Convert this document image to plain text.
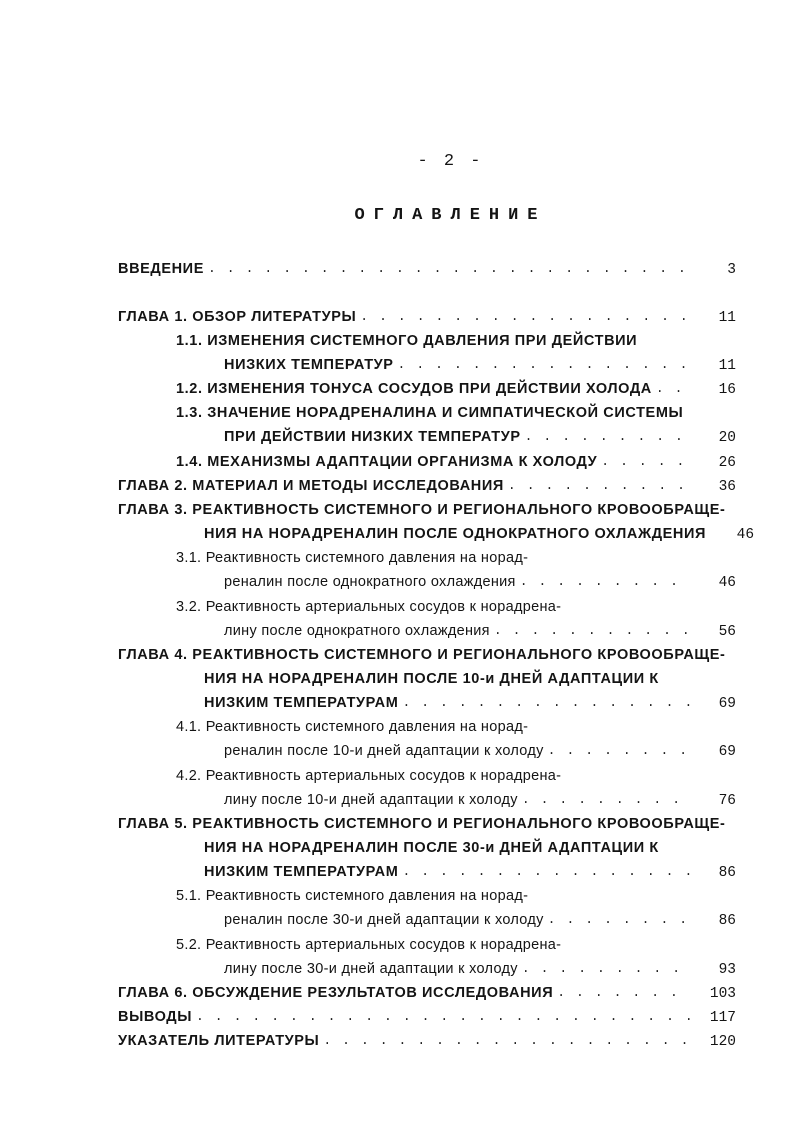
- 2 -
ОГЛАВЛЕНИЕ
ВВЕДЕНИЕ . . .	3
ГЛАВА 1. ОБЗОР ЛИТЕРАТУРЫ . . .	11
1.1. ИЗМЕНЕНИЯ СИСТЕМНОГО ДАВЛЕНИЯ ПРИ ДЕЙСТВИИ
НИЗКИХ ТЕМПЕРАТУР . . .	11
1.2. ИЗМЕНЕНИЯ ТОНУСА СОСУДОВ ПРИ ДЕЙСТВИИ ХОЛОДА . . .	16
1.3. ЗНАЧЕНИЕ НОРАДРЕНАЛИНА И СИМПАТИЧЕСКОЙ СИСТЕМЫ
ПРИ ДЕЙСТВИИ НИЗКИХ ТЕМПЕРАТУР . . .	20
1.4. МЕХАНИЗМЫ АДАПТАЦИИ ОРГАНИЗМА К ХОЛОДУ . . .	26
ГЛАВА 2. МАТЕРИАЛ И МЕТОДЫ ИССЛЕДОВАНИЯ . . .	36
ГЛАВА 3. РЕАКТИВНОСТЬ СИСТЕМНОГО И РЕГИОНАЛЬНОГО КРОВООБРАЩЕ-
НИЯ НА НОРАДРЕНАЛИН ПОСЛЕ ОДНОКРАТНОГО ОХЛАЖДЕНИЯ	46
3.1. Реактивность системного давления на норад-
реналин после однократного охлаждения . . .	46
3.2. Реактивность артериальных сосудов к норадрена-
лину после однократного охлаждения . . .	56
ГЛАВА 4. РЕАКТИВНОСТЬ СИСТЕМНОГО И РЕГИОНАЛЬНОГО КРОВООБРАЩЕ-
НИЯ НА НОРАДРЕНАЛИН ПОСЛЕ 10-и ДНЕЙ АДАПТАЦИИ К
НИЗКИМ ТЕМПЕРАТУРАМ . . .	69
4.1. Реактивность системного давления на норад-
реналин после 10-и дней адаптации к холоду . . .	69
4.2. Реактивность артериальных сосудов к норадрена-
лину после 10-и дней адаптации к холоду . . .	76
ГЛАВА 5. РЕАКТИВНОСТЬ СИСТЕМНОГО И РЕГИОНАЛЬНОГО КРОВООБРАЩЕ-
НИЯ НА НОРАДРЕНАЛИН ПОСЛЕ 30-и ДНЕЙ АДАПТАЦИИ К
НИЗКИМ ТЕМПЕРАТУРАМ . . .	86
5.1. Реактивность системного давления на норад-
реналин после 30-и дней адаптации к холоду . . .	86
5.2. Реактивность артериальных сосудов к норадрена-
лину после 30-и дней адаптации к холоду . . .	93
ГЛАВА 6. ОБСУЖДЕНИЕ РЕЗУЛЬТАТОВ ИССЛЕДОВАНИЯ . . .	103
ВЫВОДЫ . . .	117
УКАЗАТЕЛЬ ЛИТЕРАТУРЫ . . .	120
